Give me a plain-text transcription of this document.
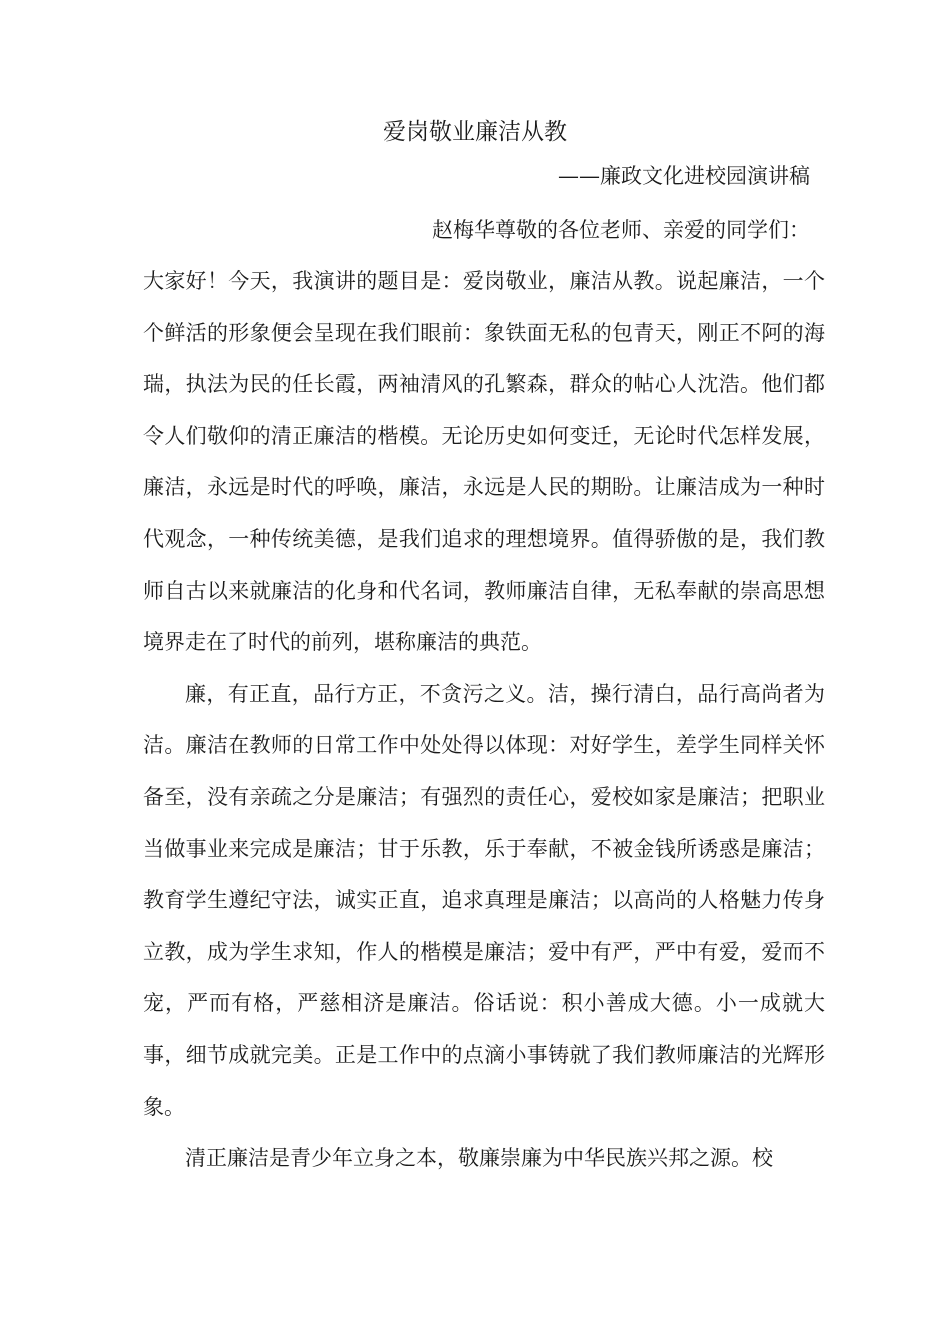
爱岗敬业廉洁从教
——廉政文化进校园演讲稿
赵梅华尊敬的各位老师、亲爱的同学们：

大家好！今天，我演讲的题目是：爱岗敬业，廉洁从教。说起廉洁，一个个鲜活的形象便会呈现在我们眼前：象铁面无私的包青天，刚正不阿的海瑞，执法为民的任长霞，两袖清风的孔繁森，群众的帖心人沈浩。他们都令人们敬仰的清正廉洁的楷模。无论历史如何变迁，无论时代怎样发展，廉洁，永远是时代的呼唤，廉洁，永远是人民的期盼。让廉洁成为一种时代观念，一种传统美德，是我们追求的理想境界。值得骄傲的是，我们教师自古以来就廉洁的化身和代名词，教师廉洁自律，无私奉献的崇高思想境界走在了时代的前列，堪称廉洁的典范。

廉，有正直，品行方正，不贪污之义。洁，操行清白，品行高尚者为洁。廉洁在教师的日常工作中处处得以体现：对好学生，差学生同样关怀备至，没有亲疏之分是廉洁；有强烈的责任心，爱校如家是廉洁；把职业当做事业来完成是廉洁；甘于乐教，乐于奉献，不被金钱所诱惑是廉洁；教育学生遵纪守法，诚实正直，追求真理是廉洁；以高尚的人格魅力传身立教，成为学生求知，作人的楷模是廉洁；爱中有严，严中有爱，爱而不宠，严而有格，严慈相济是廉洁。俗话说：积小善成大德。小一成就大事，细节成就完美。正是工作中的点滴小事铸就了我们教师廉洁的光辉形象。

清正廉洁是青少年立身之本，敬廉崇廉为中华民族兴邦之源。校
